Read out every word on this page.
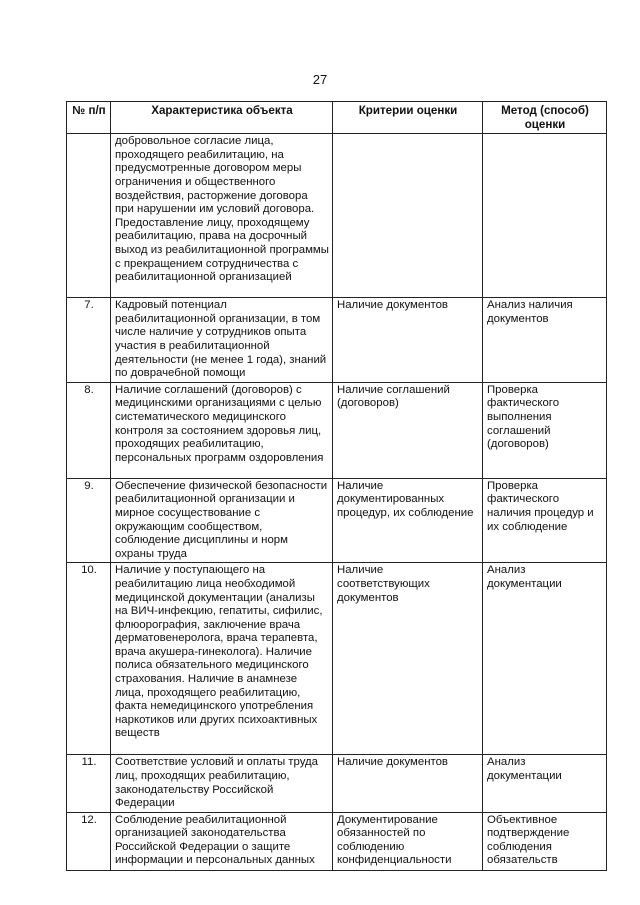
27
№ п/п	Характеристика объекта	Критерии оценки	Метод (способ) оценки
	добровольное согласие лица, проходящего реабилитацию, на предусмотренные договором меры ограничения и общественного воздействия, расторжение договора при нарушении им условий договора. Предоставление лицу, проходящему реабилитацию, права на досрочный выход из реабилитационной программы с прекращением сотрудничества с реабилитационной организацией		
7.	Кадровый потенциал реабилитационной организации, в том числе наличие у сотрудников опыта участия в реабилитационной деятельности (не менее 1 года), знаний по доврачебной помощи	Наличие документов	Анализ наличия документов
8.	Наличие соглашений (договоров) с медицинскими организациями с целью систематического медицинского контроля за состоянием здоровья лиц, проходящих реабилитацию, персональных программ оздоровления	Наличие соглашений (договоров)	Проверка фактического выполнения соглашений (договоров)
9.	Обеспечение физической безопасности реабилитационной организации и мирное сосуществование с окружающим сообществом, соблюдение дисциплины и норм охраны труда	Наличие документированных процедур, их соблюдение	Проверка фактического наличия процедур и их соблюдение
10.	Наличие у поступающего на реабилитацию лица необходимой медицинской документации (анализы на ВИЧ-инфекцию, гепатиты, сифилис, флюорография, заключение врача дерматовенеролога, врача терапевта, врача акушера-гинеколога). Наличие полиса обязательного медицинского страхования. Наличие в анамнезе лица, проходящего реабилитацию, факта немедицинского употребления наркотиков или других психоактивных веществ	Наличие соответствующих документов	Анализ документации
11.	Соответствие условий и оплаты труда лиц, проходящих реабилитацию, законодательству Российской Федерации	Наличие документов	Анализ документации
12.	Соблюдение реабилитационной организацией законодательства Российской Федерации о защите информации и персональных данных	Документирование обязанностей по соблюдению конфиденциальности	Объективное подтверждение соблюдения обязательств
